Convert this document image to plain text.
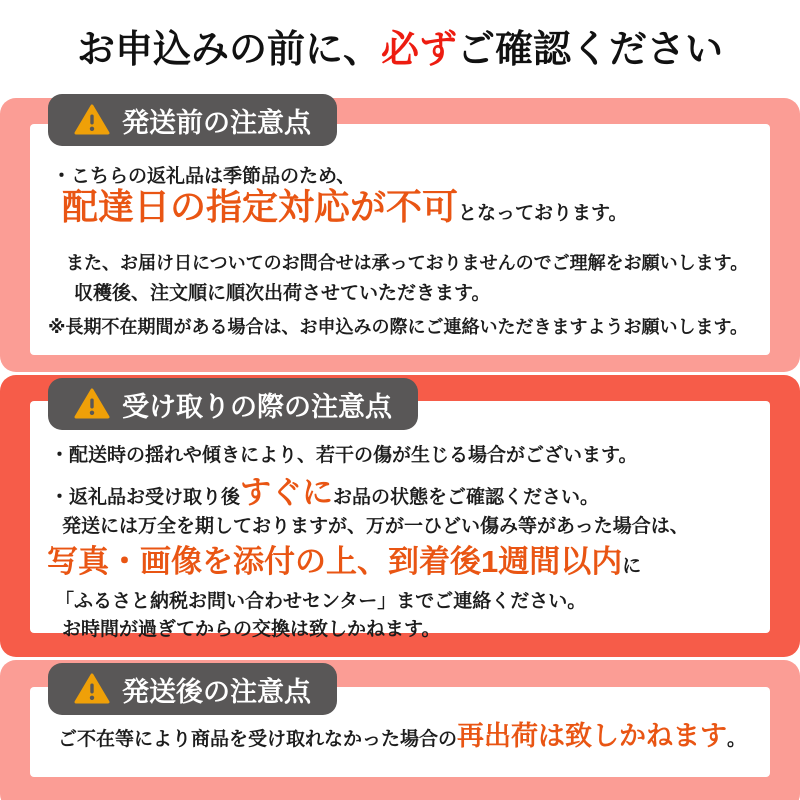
お申込みの前に、必ずご確認ください
・こちらの返礼品は季節品のため、
配達日の指定対応が不可となっております。
また、お届け日についてのお問合せは承っておりませんのでご理解をお願いします。
収穫後、注文順に順次出荷させていただきます。
※長期不在期間がある場合は、お申込みの際にご連絡いただきますようお願いします。
発送前の注意点
・配送時の揺れや傾きにより、若干の傷が生じる場合がございます。
・返礼品お受け取り後すぐにお品の状態をご確認ください。
発送には万全を期しておりますが、万が一ひどい傷み等があった場合は、
写真・画像を添付の上、到着後1週間以内に
「ふるさと納税お問い合わせセンター」までご連絡ください。
お時間が過ぎてからの交換は致しかねます。
受け取りの際の注意点
ご不在等により商品を受け取れなかった場合の再出荷は致しかねます。
発送後の注意点
